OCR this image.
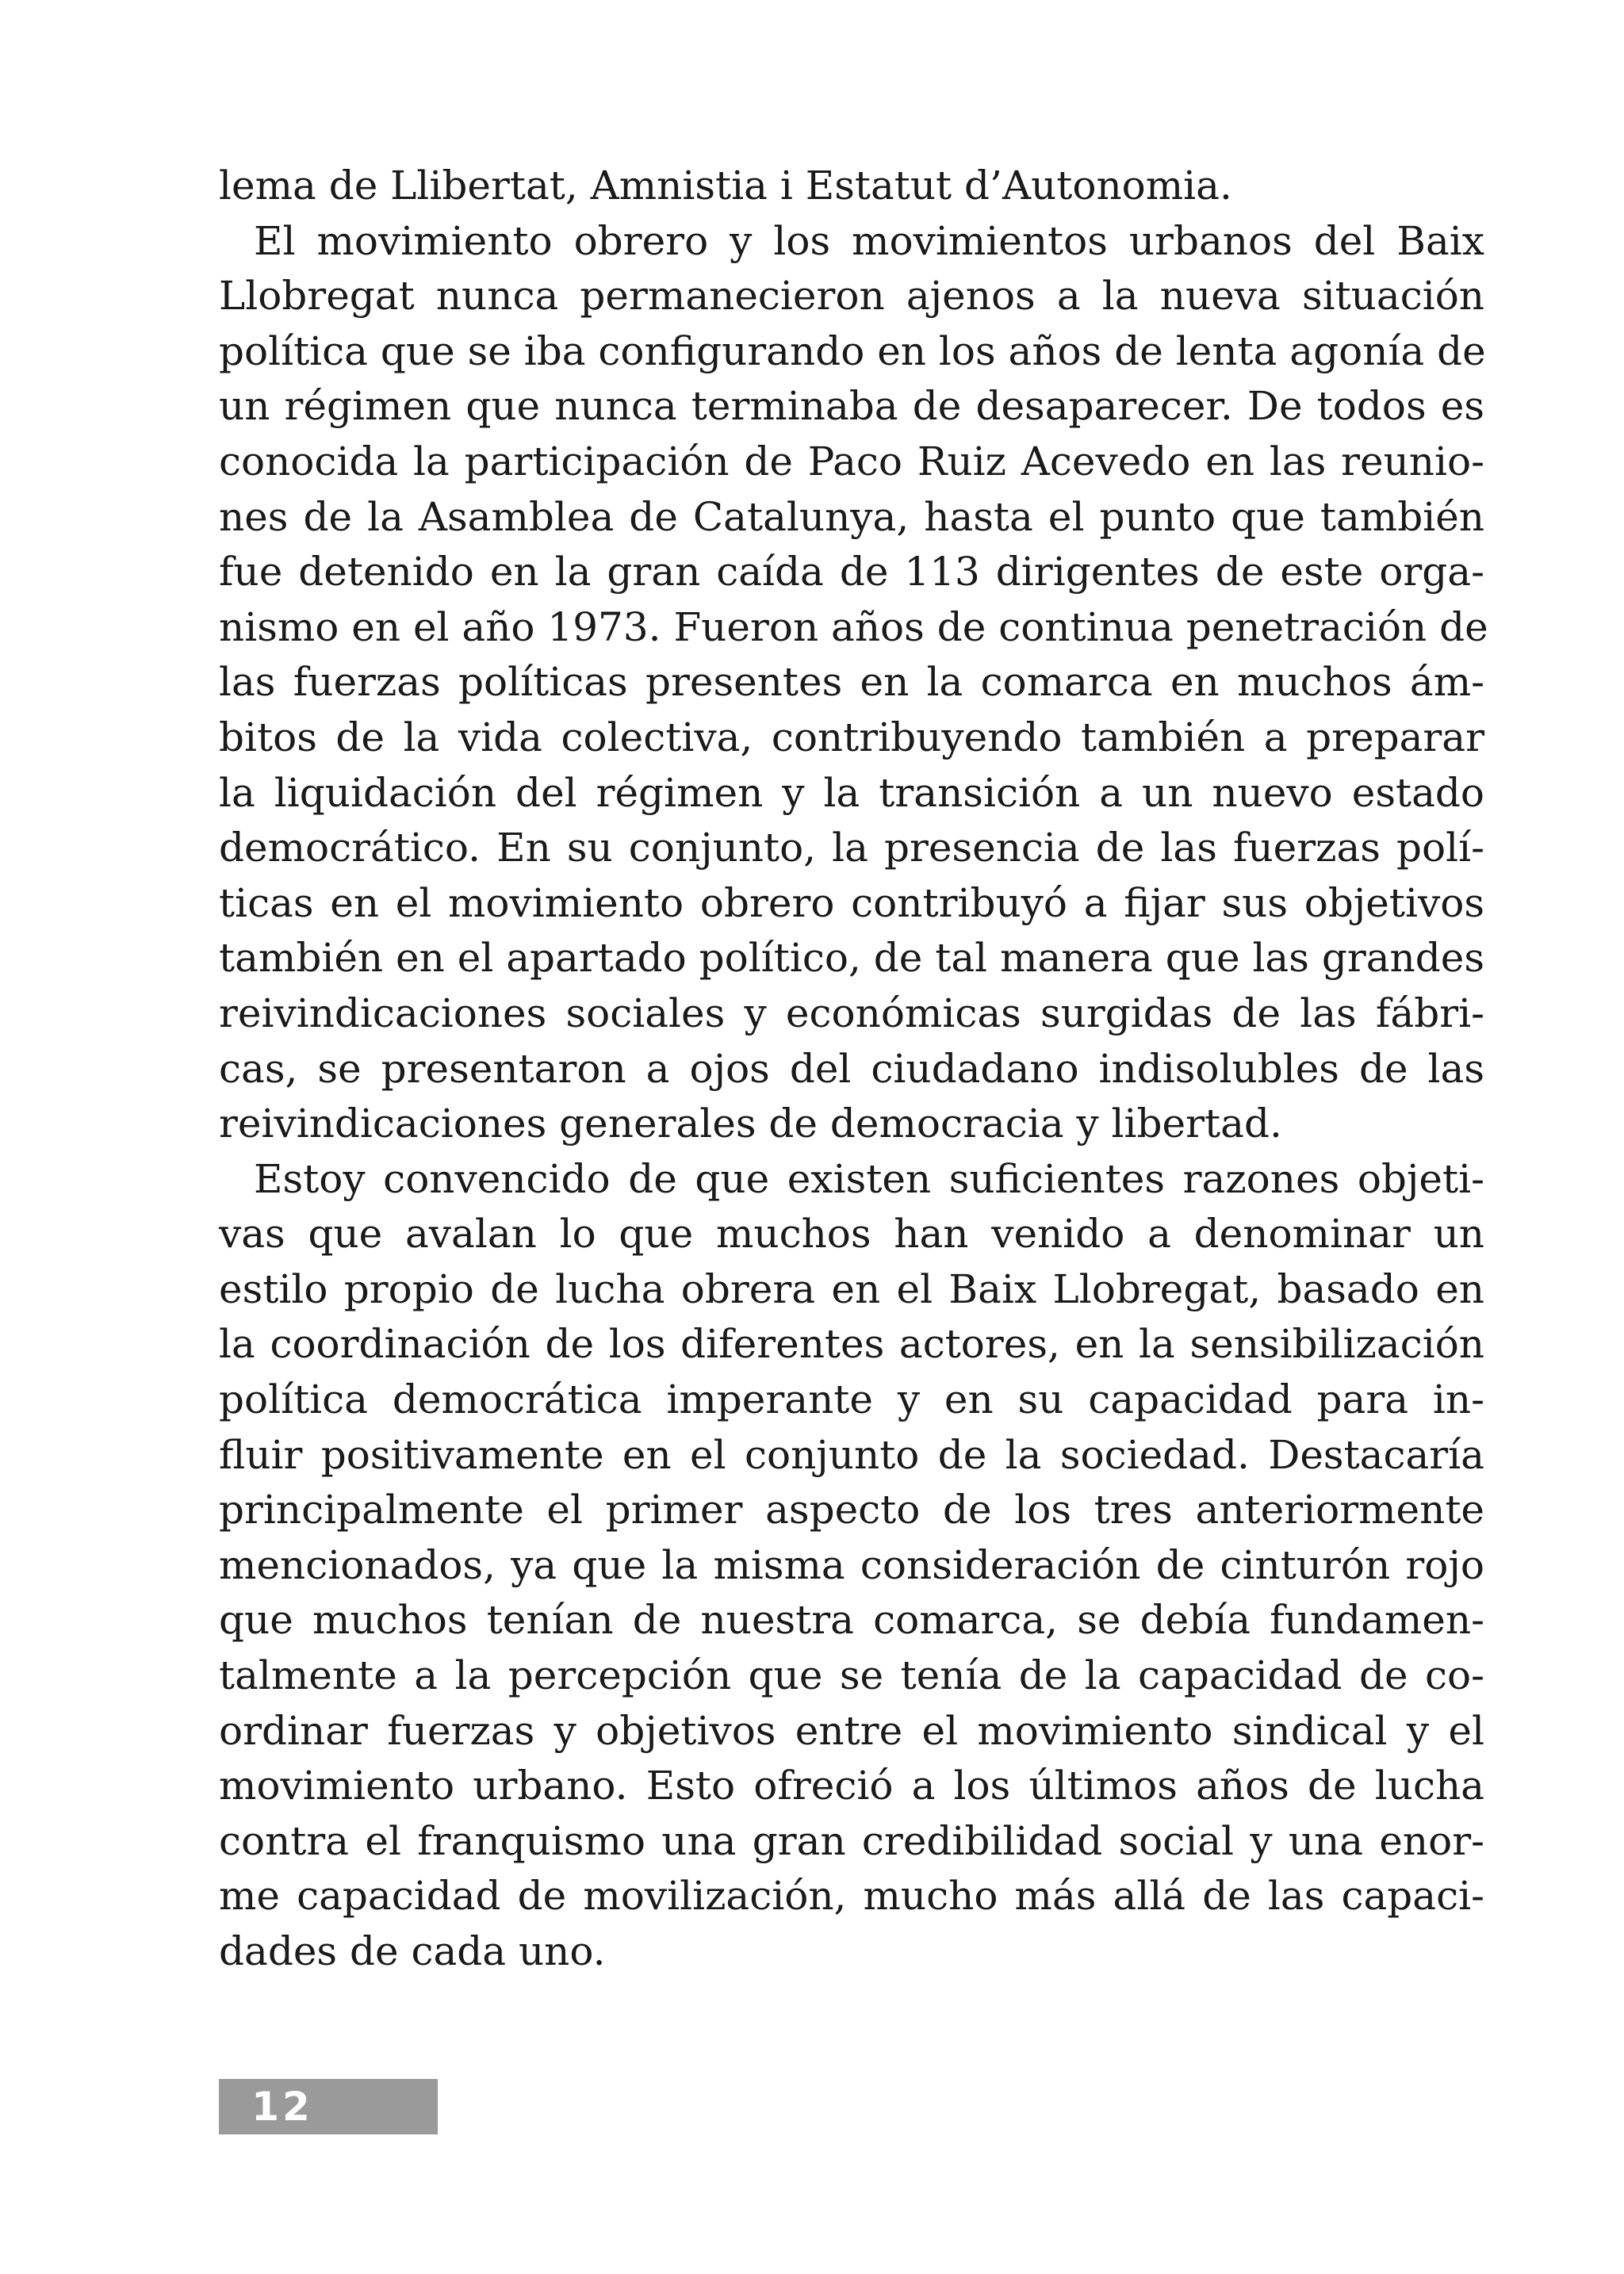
lema de Llibertat, Amnistia i Estatut d’Autonomia.
El movimiento obrero y los movimientos urbanos del Baix
Llobregat nunca permanecieron ajenos a la nueva situación
política que se iba configurando en los años de lenta agonía de
un régimen que nunca terminaba de desaparecer. De todos es
conocida la participación de Paco Ruiz Acevedo en las reunio-
nes de la Asamblea de Catalunya, hasta el punto que también
fue detenido en la gran caída de 113 dirigentes de este orga-
nismo en el año 1973. Fueron años de continua penetración de
las fuerzas políticas presentes en la comarca en muchos ám-
bitos de la vida colectiva, contribuyendo también a preparar
la liquidación del régimen y la transición a un nuevo estado
democrático. En su conjunto, la presencia de las fuerzas polí-
ticas en el movimiento obrero contribuyó a fijar sus objetivos
también en el apartado político, de tal manera que las grandes
reivindicaciones sociales y económicas surgidas de las fábri-
cas, se presentaron a ojos del ciudadano indisolubles de las
reivindicaciones generales de democracia y libertad.
Estoy convencido de que existen suficientes razones objeti-
vas que avalan lo que muchos han venido a denominar un
estilo propio de lucha obrera en el Baix Llobregat, basado en
la coordinación de los diferentes actores, en la sensibilización
política democrática imperante y en su capacidad para in-
fluir positivamente en el conjunto de la sociedad. Destacaría
principalmente el primer aspecto de los tres anteriormente
mencionados, ya que la misma consideración de cinturón rojo
que muchos tenían de nuestra comarca, se debía fundamen-
talmente a la percepción que se tenía de la capacidad de co-
ordinar fuerzas y objetivos entre el movimiento sindical y el
movimiento urbano. Esto ofreció a los últimos años de lucha
contra el franquismo una gran credibilidad social y una enor-
me capacidad de movilización, mucho más allá de las capaci-
dades de cada uno.
12
